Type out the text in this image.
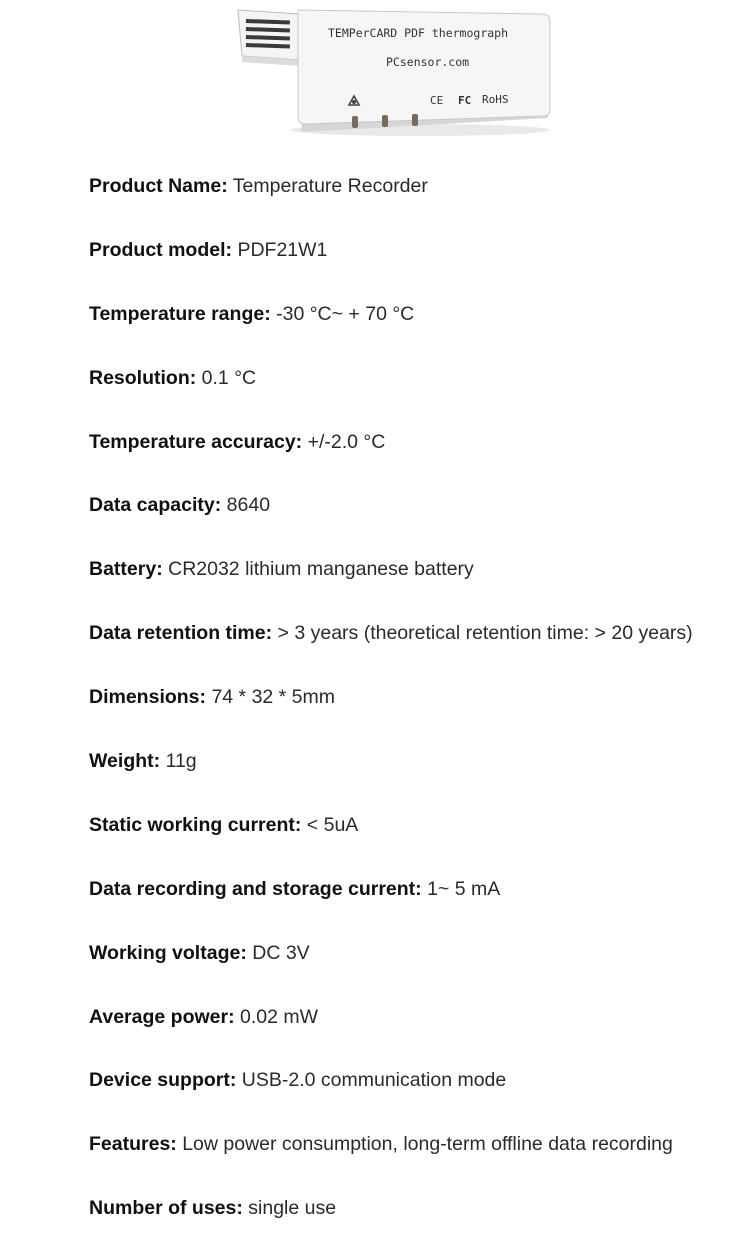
TEMPerCARD PDF thermograph
PCsensor.com
CE FC RoHS
Product Name: Temperature Recorder
Product model: PDF21W1
Temperature range: -30 °C~ + 70 °C
Resolution: 0.1 °C
Temperature accuracy: +/-2.0 °C
Data capacity: 8640
Battery: CR2032 lithium manganese battery
Data retention time: > 3 years (theoretical retention time: > 20 years)
Dimensions: 74 * 32 * 5mm
Weight: 11g
Static working current: < 5uA
Data recording and storage current: 1~ 5 mA
Working voltage: DC 3V
Average power: 0.02 mW
Device support: USB-2.0 communication mode
Features: Low power consumption, long-term offline data recording
Number of uses: single use
